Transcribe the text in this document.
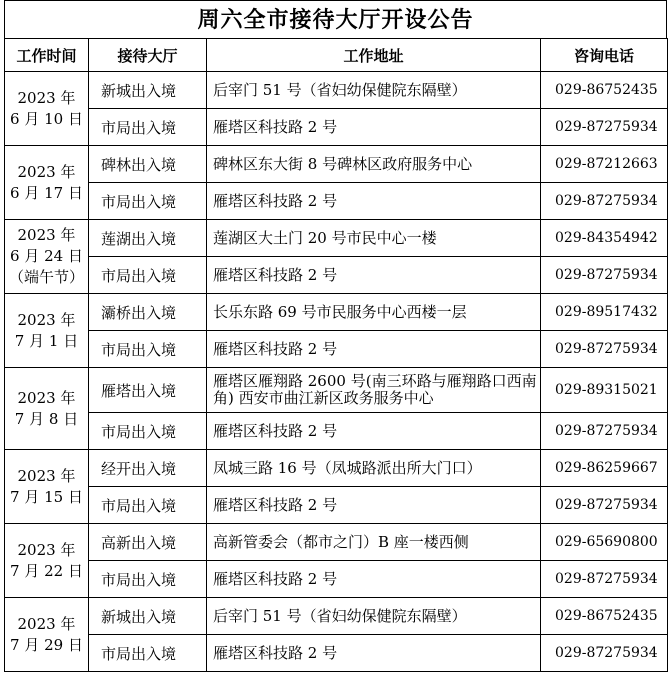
周六全市接待大厅开设公告
工作时间	接待大厅	工作地址	咨询电话

2023 年
6 月 10 日	新城出入境	后宰门 51 号（省妇幼保健院东隔壁）	029-86752435
	市局出入境	雁塔区科技路 2 号	029-87275934

2023 年
6 月 17 日	碑林出入境	碑林区东大街 8 号碑林区政府服务中心	029-87212663
	市局出入境	雁塔区科技路 2 号	029-87275934

2023 年
6 月 24 日
（端午节）	莲湖出入境	莲湖区大土门 20 号市民中心一楼	029-84354942
	市局出入境	雁塔区科技路 2 号	029-87275934

2023 年
7 月 1 日	灞桥出入境	长乐东路 69 号市民服务中心西楼一层	029-89517432
	市局出入境	雁塔区科技路 2 号	029-87275934

2023 年
7 月 8 日	雁塔出入境	雁塔区雁翔路 2600 号(南三环路与雁翔路口西南角) 西安市曲江新区政务服务中心	029-89315021
	市局出入境	雁塔区科技路 2 号	029-87275934

2023 年
7 月 15 日	经开出入境	凤城三路 16 号（凤城路派出所大门口）	029-86259667
	市局出入境	雁塔区科技路 2 号	029-87275934

2023 年
7 月 22 日	高新出入境	高新管委会（都市之门）B 座一楼西侧	029-65690800
	市局出入境	雁塔区科技路 2 号	029-87275934

2023 年
7 月 29 日	新城出入境	后宰门 51 号（省妇幼保健院东隔壁）	029-86752435
	市局出入境	雁塔区科技路 2 号	029-87275934
